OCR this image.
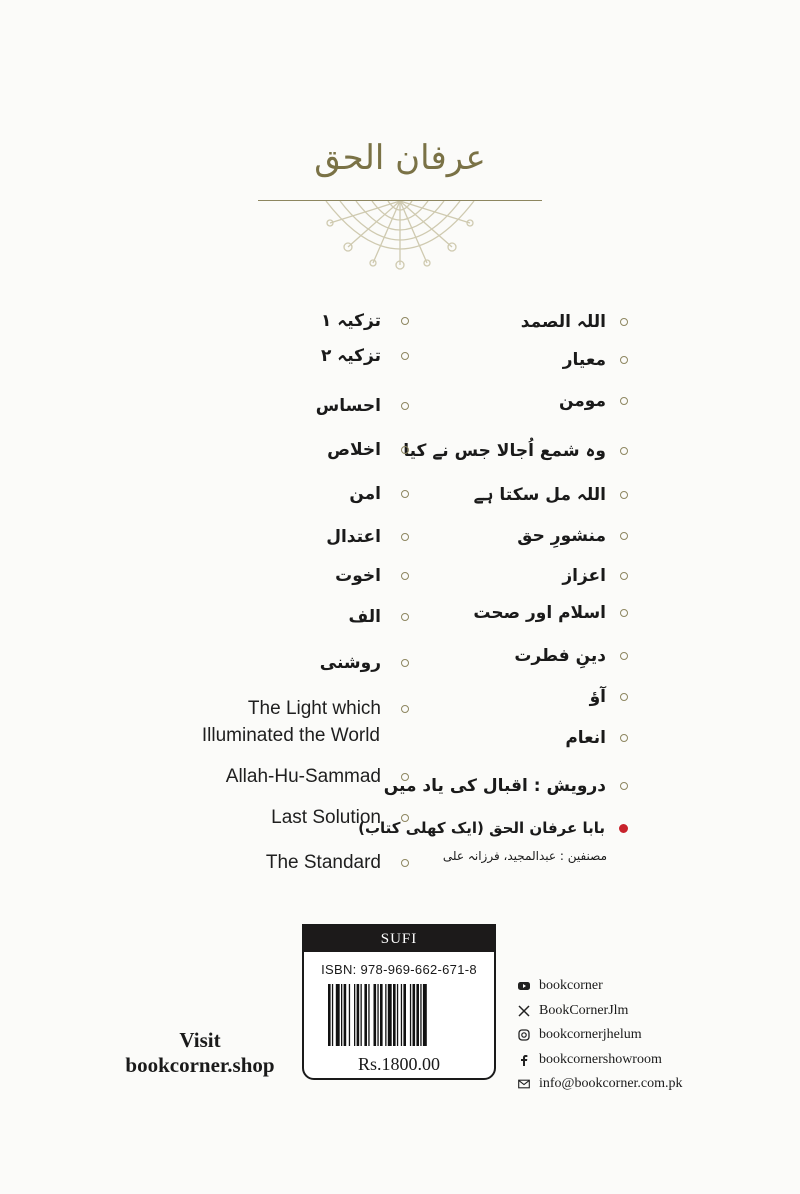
عرفان الحق
اللہ الصمد
معیار
مومن
وہ شمع اُجالا جس نے کیا
اللہ مل سکتا ہے
منشورِ حق
اعزاز
اسلام اور صحت
دینِ فطرت
آؤ
انعام
درویش : اقبال کی یاد میں
بابا عرفان الحق (ایک کھلی کتاب)
مصنفین : عبدالمجید، فرزانہ علی
تزکیہ ۱
تزکیہ ۲
احساس
اخلاص
امن
اعتدال
اخوت
الف
روشنی
The Light which
Illuminated the World
Allah-Hu-Sammad
Last Solution
The Standard
SUFI
ISBN: 978-969-662-671-8
Rs.1800.00
Visit
bookcorner.shop
bookcorner
BookCornerJlm
bookcornerjhelum
bookcornershowroom
info@bookcorner.com.pk
